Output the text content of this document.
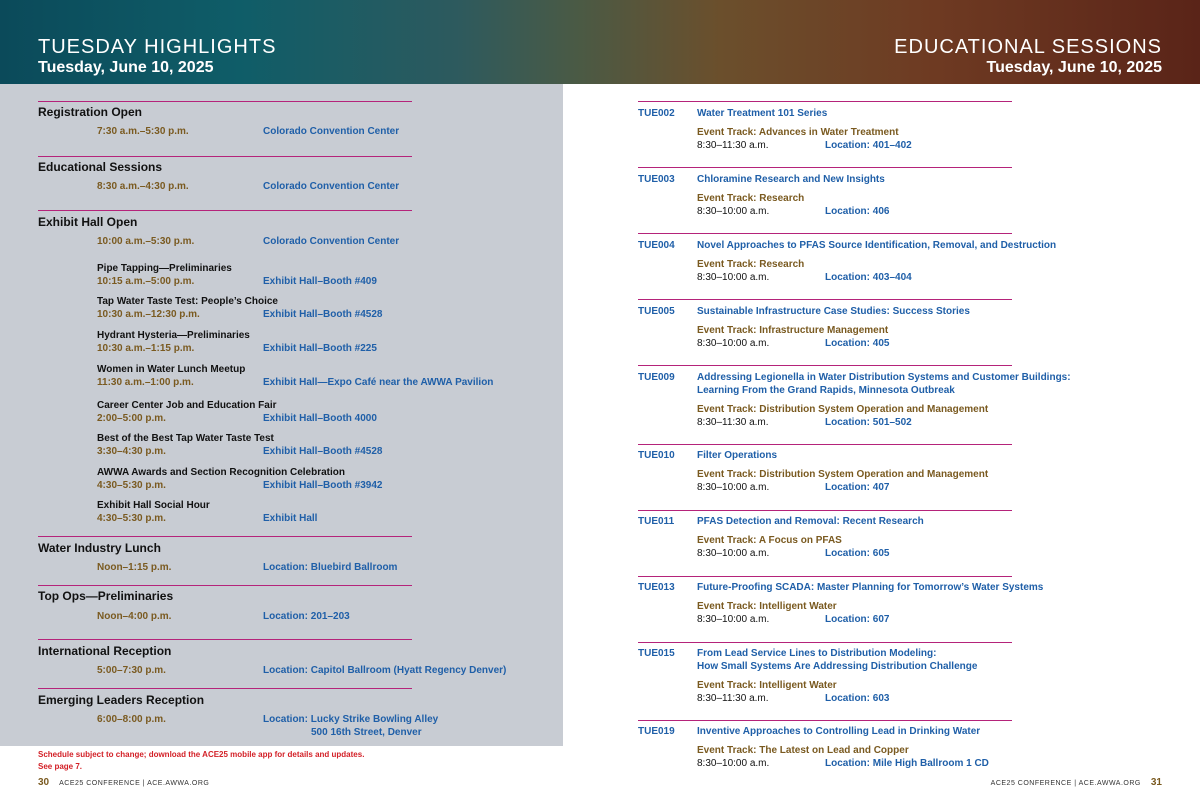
TUESDAY HIGHLIGHTS
Tuesday, June 10, 2025
EDUCATIONAL SESSIONS
Tuesday, June 10, 2025
Registration Open
7:30 a.m.–5:30 p.m.	Colorado Convention Center
Educational Sessions
8:30 a.m.–4:30 p.m.	Colorado Convention Center
Exhibit Hall Open
10:00 a.m.–5:30 p.m.	Colorado Convention Center
Pipe Tapping—Preliminaries
10:15 a.m.–5:00 p.m.	Exhibit Hall–Booth #409
Tap Water Taste Test: People’s Choice
10:30 a.m.–12:30 p.m.	Exhibit Hall–Booth #4528
Hydrant Hysteria—Preliminaries
10:30 a.m.–1:15 p.m.	Exhibit Hall–Booth #225
Women in Water Lunch Meetup
11:30 a.m.–1:00 p.m.	Exhibit Hall—Expo Café near the AWWA Pavilion
Career Center Job and Education Fair
2:00–5:00 p.m.	Exhibit Hall–Booth 4000
Best of the Best Tap Water Taste Test
3:30–4:30 p.m.	Exhibit Hall–Booth #4528
AWWA Awards and Section Recognition Celebration
4:30–5:30 p.m.	Exhibit Hall–Booth #3942
Exhibit Hall Social Hour
4:30–5:30 p.m.	Exhibit Hall
Water Industry Lunch
Noon–1:15 p.m.	Location: Bluebird Ballroom
Top Ops—Preliminaries
Noon–4:00 p.m.	Location: 201–203
International Reception
5:00–7:30 p.m.	Location: Capitol Ballroom (Hyatt Regency Denver)
Emerging Leaders Reception
6:00–8:00 p.m.	Location: Lucky Strike Bowling Alley
500 16th Street, Denver
Schedule subject to change; download the ACE25 mobile app for details and updates.
See page 7.
30 ACE25 CONFERENCE | ACE.AWWA.ORG	ACE25 CONFERENCE | ACE.AWWA.ORG 31
TUE002 Water Treatment 101 Series
Event Track: Advances in Water Treatment
8:30–11:30 a.m.	Location: 401–402
TUE003 Chloramine Research and New Insights
Event Track: Research
8:30–10:00 a.m.	Location: 406
TUE004 Novel Approaches to PFAS Source Identification, Removal, and Destruction
Event Track: Research
8:30–10:00 a.m.	Location: 403–404
TUE005 Sustainable Infrastructure Case Studies: Success Stories
Event Track: Infrastructure Management
8:30–10:00 a.m.	Location: 405
TUE009 Addressing Legionella in Water Distribution Systems and Customer Buildings:
Learning From the Grand Rapids, Minnesota Outbreak
Event Track: Distribution System Operation and Management
8:30–11:30 a.m.	Location: 501–502
TUE010 Filter Operations
Event Track: Distribution System Operation and Management
8:30–10:00 a.m.	Location: 407
TUE011 PFAS Detection and Removal: Recent Research
Event Track: A Focus on PFAS
8:30–10:00 a.m.	Location: 605
TUE013 Future-Proofing SCADA: Master Planning for Tomorrow’s Water Systems
Event Track: Intelligent Water
8:30–10:00 a.m.	Location: 607
TUE015 From Lead Service Lines to Distribution Modeling:
How Small Systems Are Addressing Distribution Challenge
Event Track: Intelligent Water
8:30–11:30 a.m.	Location: 603
TUE019 Inventive Approaches to Controlling Lead in Drinking Water
Event Track: The Latest on Lead and Copper
8:30–10:00 a.m.	Location: Mile High Ballroom 1 CD
